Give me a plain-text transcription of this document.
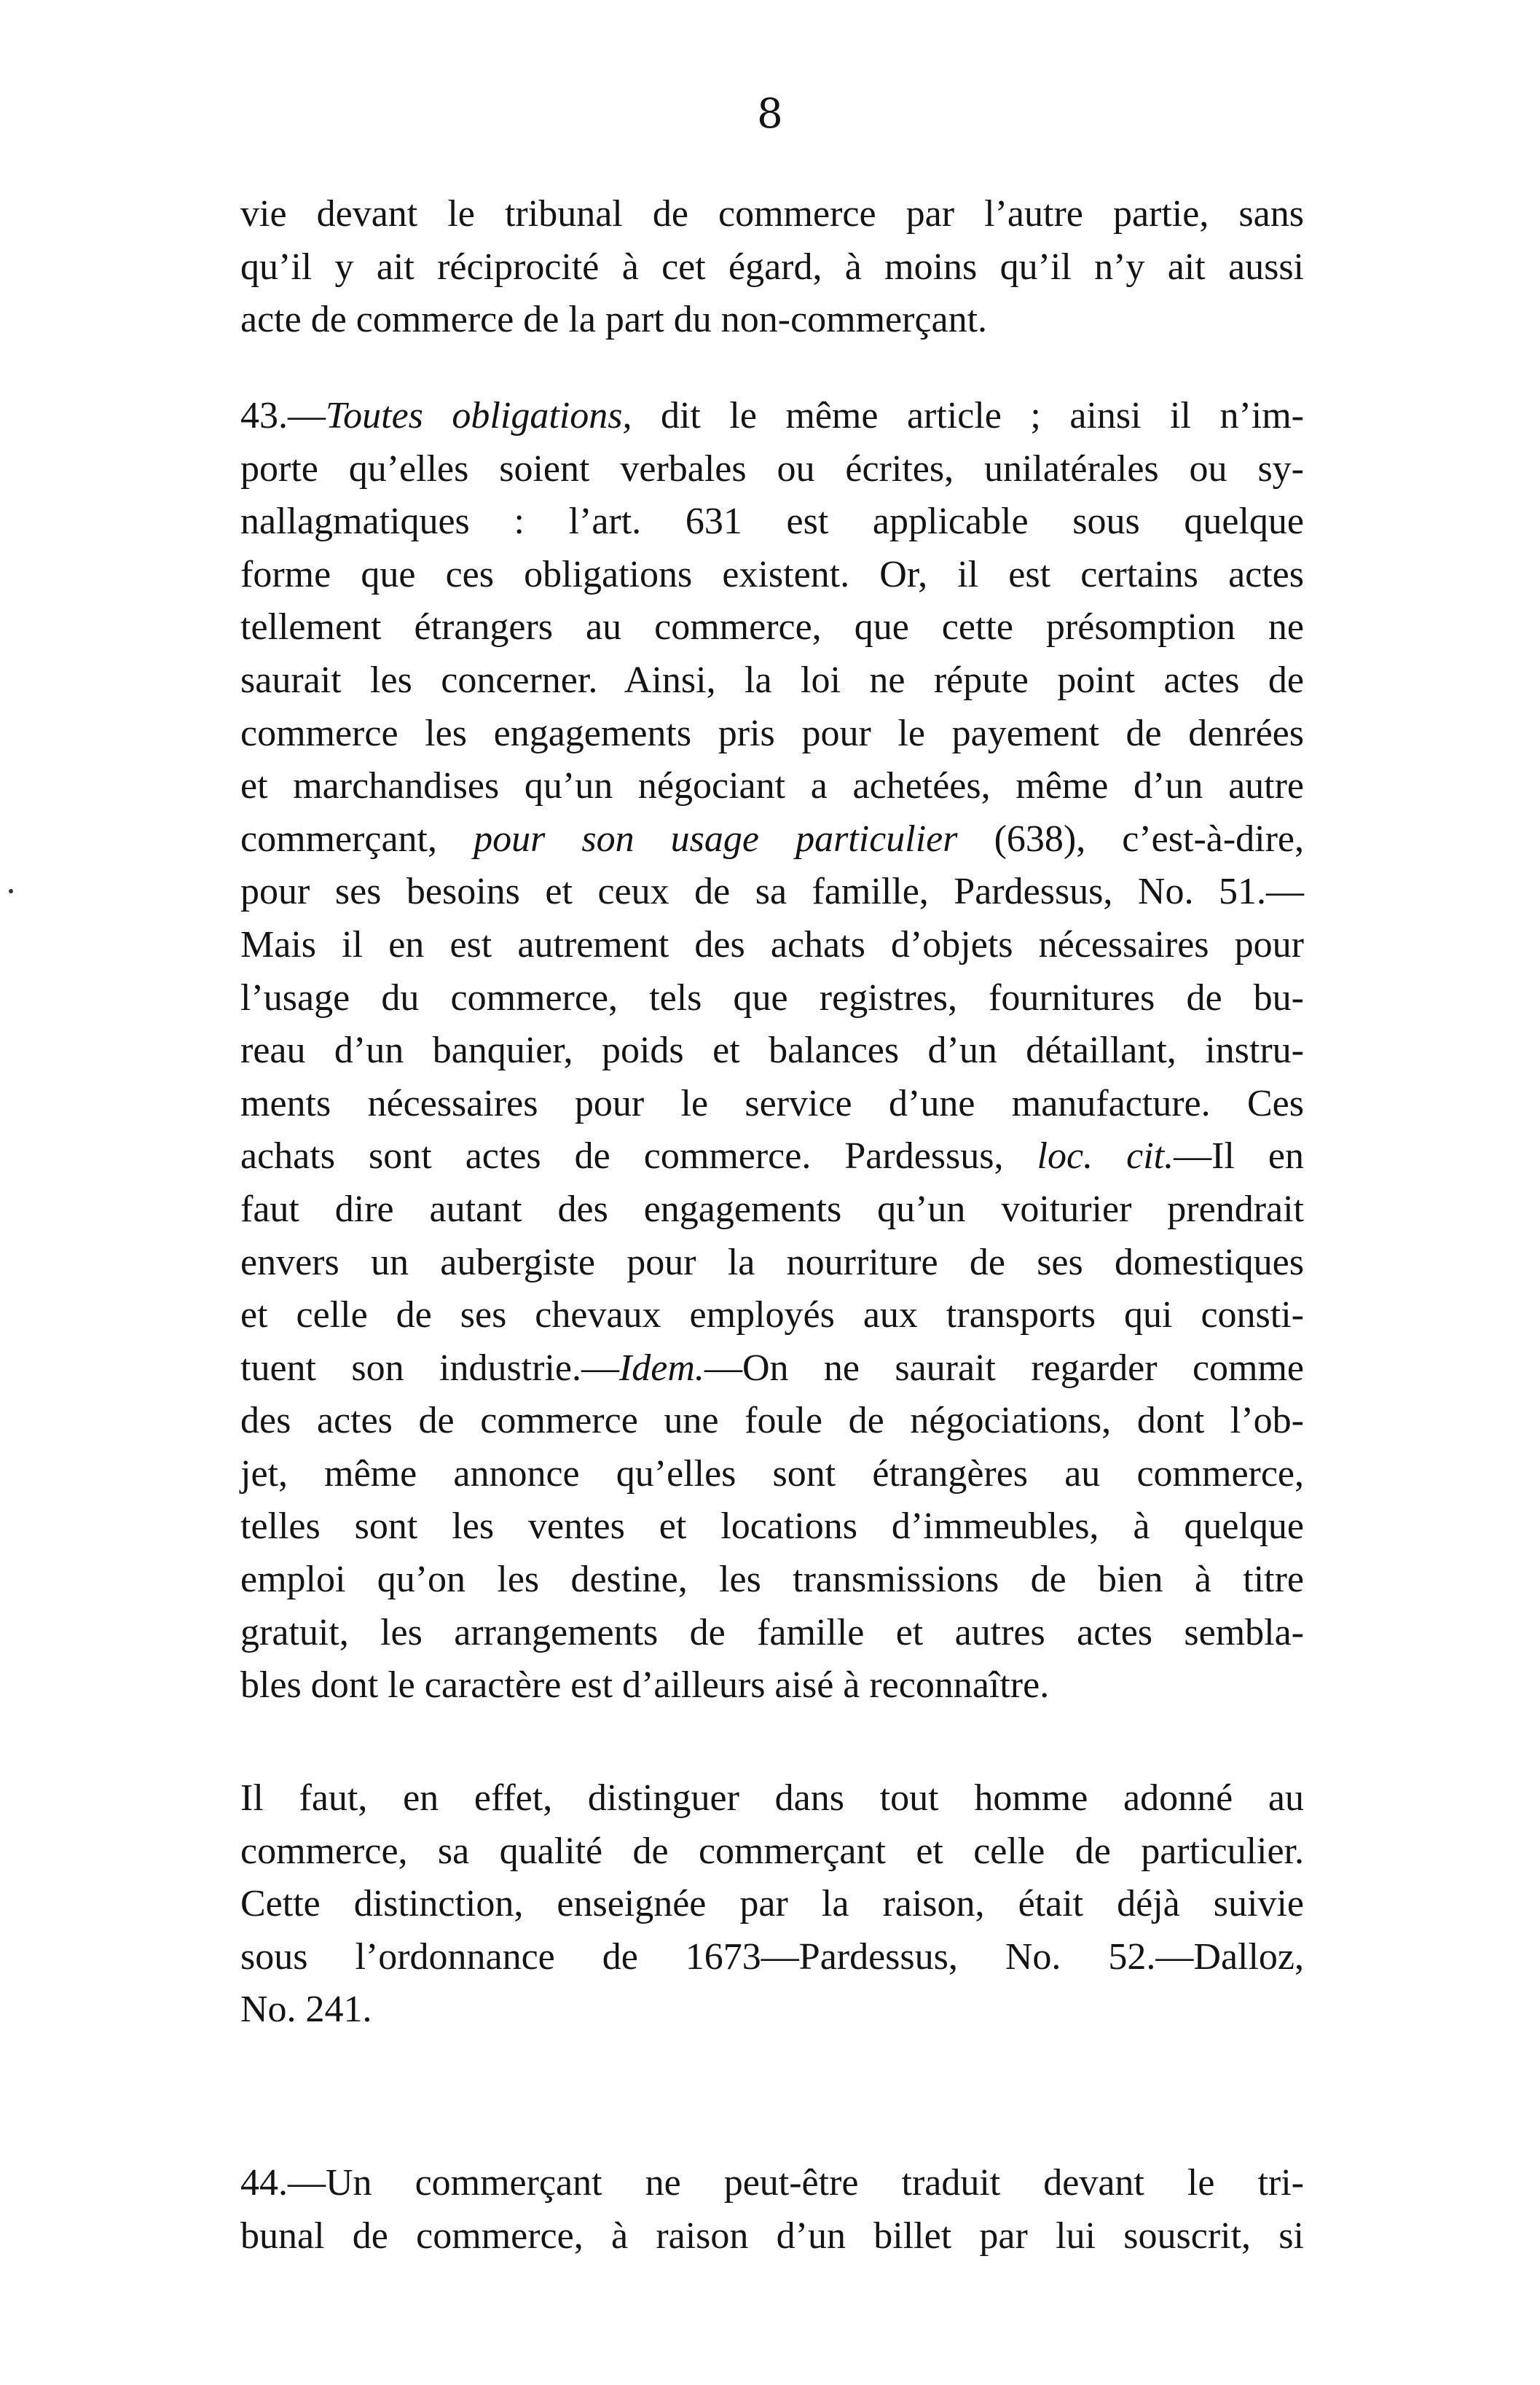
8
vie devant le tribunal de commerce par l’autre partie, sans
qu’il y ait réciprocité à cet égard, à moins qu’il n’y ait aussi
acte de commerce de la part du non-commerçant.
43.—Toutes obligations, dit le même article ; ainsi il n’im-
porte qu’elles soient verbales ou écrites, unilatérales ou sy-
nallagmatiques : l’art. 631 est applicable sous quelque
forme que ces obligations existent. Or, il est certains actes
tellement étrangers au commerce, que cette présomption ne
saurait les concerner. Ainsi, la loi ne répute point actes de
commerce les engagements pris pour le payement de denrées
et marchandises qu’un négociant a achetées, même d’un autre
commerçant, pour son usage particulier (638), c’est-à-dire,
pour ses besoins et ceux de sa famille, Pardessus, No. 51.—
Mais il en est autrement des achats d’objets nécessaires pour
l’usage du commerce, tels que registres, fournitures de bu-
reau d’un banquier, poids et balances d’un détaillant, instru-
ments nécessaires pour le service d’une manufacture. Ces
achats sont actes de commerce. Pardessus, loc. cit.—Il en
faut dire autant des engagements qu’un voiturier prendrait
envers un aubergiste pour la nourriture de ses domestiques
et celle de ses chevaux employés aux transports qui consti-
tuent son industrie.—Idem.—On ne saurait regarder comme
des actes de commerce une foule de négociations, dont l’ob-
jet, même annonce qu’elles sont étrangères au commerce,
telles sont les ventes et locations d’immeubles, à quelque
emploi qu’on les destine, les transmissions de bien à titre
gratuit, les arrangements de famille et autres actes sembla-
bles dont le caractère est d’ailleurs aisé à reconnaître.
Il faut, en effet, distinguer dans tout homme adonné au
commerce, sa qualité de commerçant et celle de particulier.
Cette distinction, enseignée par la raison, était déjà suivie
sous l’ordonnance de 1673—Pardessus, No. 52.—Dalloz,
No. 241.
44.—Un commerçant ne peut-être traduit devant le tri-
bunal de commerce, à raison d’un billet par lui souscrit, si
